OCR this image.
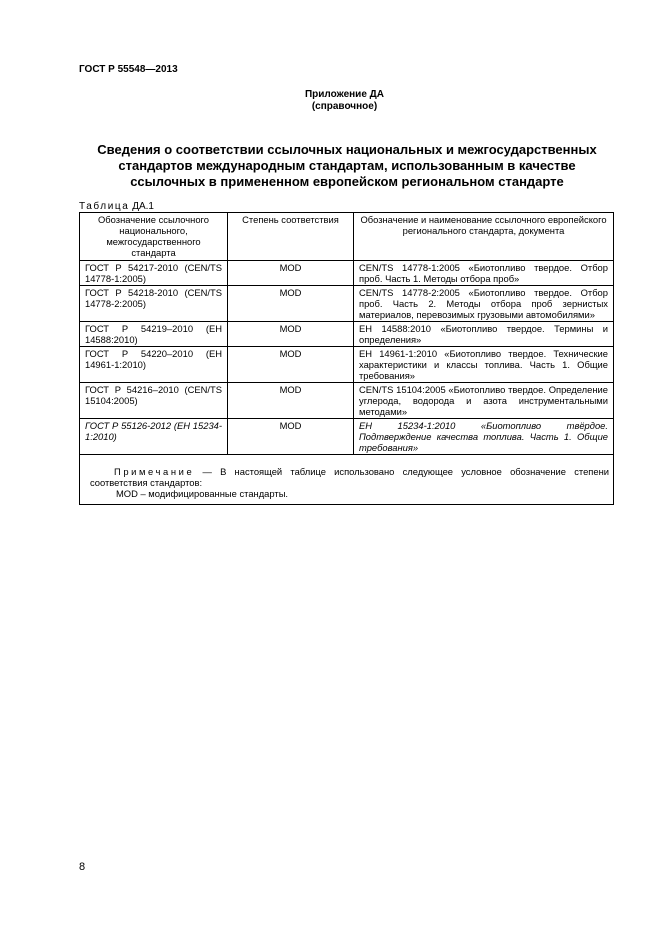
ГОСТ Р 55548—2013
Приложение ДА
(справочное)
Сведения о соответствии ссылочных национальных и межгосударственных
стандартов международным стандартам, использованным в качестве
ссылочных в примененном европейском региональном стандарте
Таблица ДА.1
Обозначение ссылочного национального, межгосударственного стандарта	Степень соответствия	Обозначение и наименование ссылочного европейского регионального стандарта, документа
ГОСТ Р 54217-2010 (CEN/TS 14778-1:2005)	MOD	CEN/TS 14778-1:2005 «Биотопливо твердое. Отбор проб. Часть 1. Методы отбора проб»
ГОСТ Р 54218-2010 (CEN/TS 14778-2:2005)	MOD	CEN/TS 14778-2:2005 «Биотопливо твердое. Отбор проб. Часть 2. Методы отбора проб зернистых материалов, перевозимых грузовыми автомобилями»
ГОСТ Р 54219–2010 (ЕН 14588:2010)	MOD	ЕН 14588:2010 «Биотопливо твердое. Термины и определения»
ГОСТ Р 54220–2010 (ЕН 14961-1:2010)	MOD	ЕН 14961-1:2010 «Биотопливо твердое. Технические характеристики и классы топлива. Часть 1. Общие требования»
ГОСТ Р 54216–2010 (CEN/TS 15104:2005)	MOD	CEN/TS 15104:2005 «Биотопливо твердое. Определение углерода, водорода и азота инструментальными методами»
ГОСТ Р 55126-2012 (ЕН 15234-1:2010)	MOD	ЕН 15234-1:2010 «Биотопливо твёрдое. Подтверждение качества топлива. Часть 1. Общие требования»

Примечание — В настоящей таблице использовано следующее условное обозначение степени соответствия стандартов:
MOD – модифицированные стандарты.		
8
